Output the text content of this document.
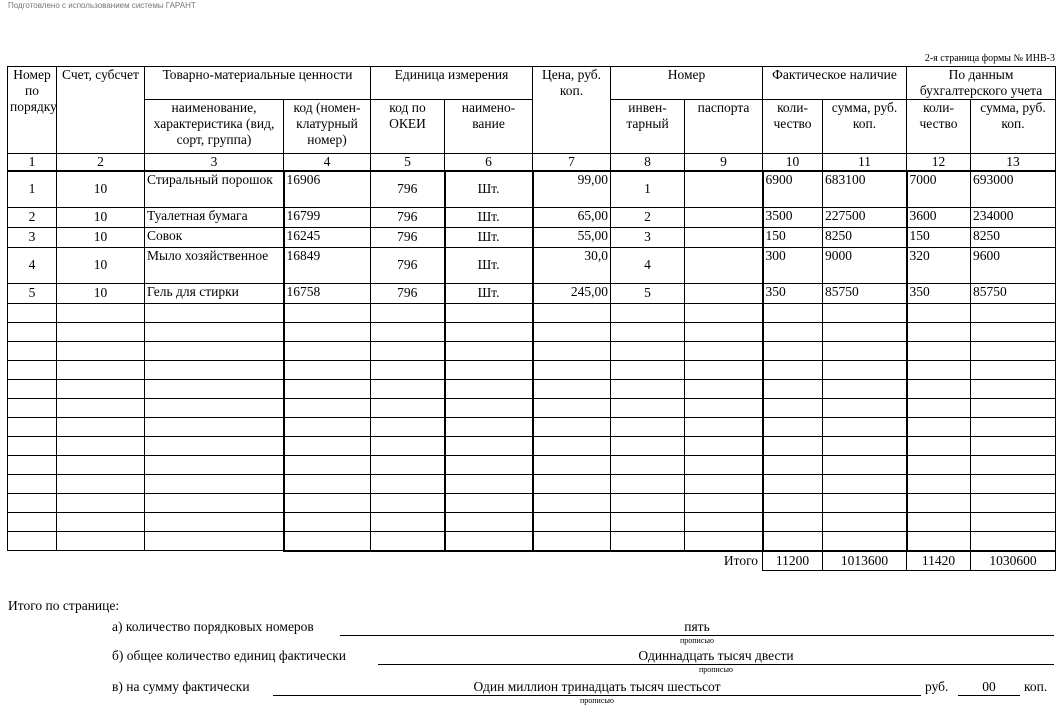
Подготовлено с использованием системы ГАРАНТ
2-я страница формы № ИНВ-3
Номер по порядку	Счет, субсчет	Товарно-материальные ценности		Единица измерения		Цена, руб. коп.	Номер		Фактическое наличие		По данным бухгалтерского учета	
		наименование, характеристика (вид, сорт, группа)	код (номен-клатурный номер)	код по ОКЕИ	наимено-вание		инвен-тарный	паспорта	коли-чество	сумма, руб. коп.	коли-чество	сумма, руб. коп.
1	2	3	4	5	6	7	8	9	10	11	12	13
1	10	Стиральный порошок	16906	796	Шт.	99,00	1		6900	683100	7000	693000
2	10	Туалетная бумага	16799	796	Шт.	65,00	2		3500	227500	3600	234000
3	10	Совок	16245	796	Шт.	55,00	3		150	8250	150	8250
4	10	Мыло хозяйственное	16849	796	Шт.	30,0	4		300	9000	320	9600
5	10	Гель для стирки	16758	796	Шт.	245,00	5		350	85750	350	85750

Итого									11200	1013600	11420	1030600
Итого по странице:
а) количество порядковых номеров	пять
прописью
б) общее количество единиц фактически	Одиннадцать тысяч двести
прописью
в) на сумму фактически	Один миллион тринадцать тысяч шестьсот
прописью
руб.	00	коп.
